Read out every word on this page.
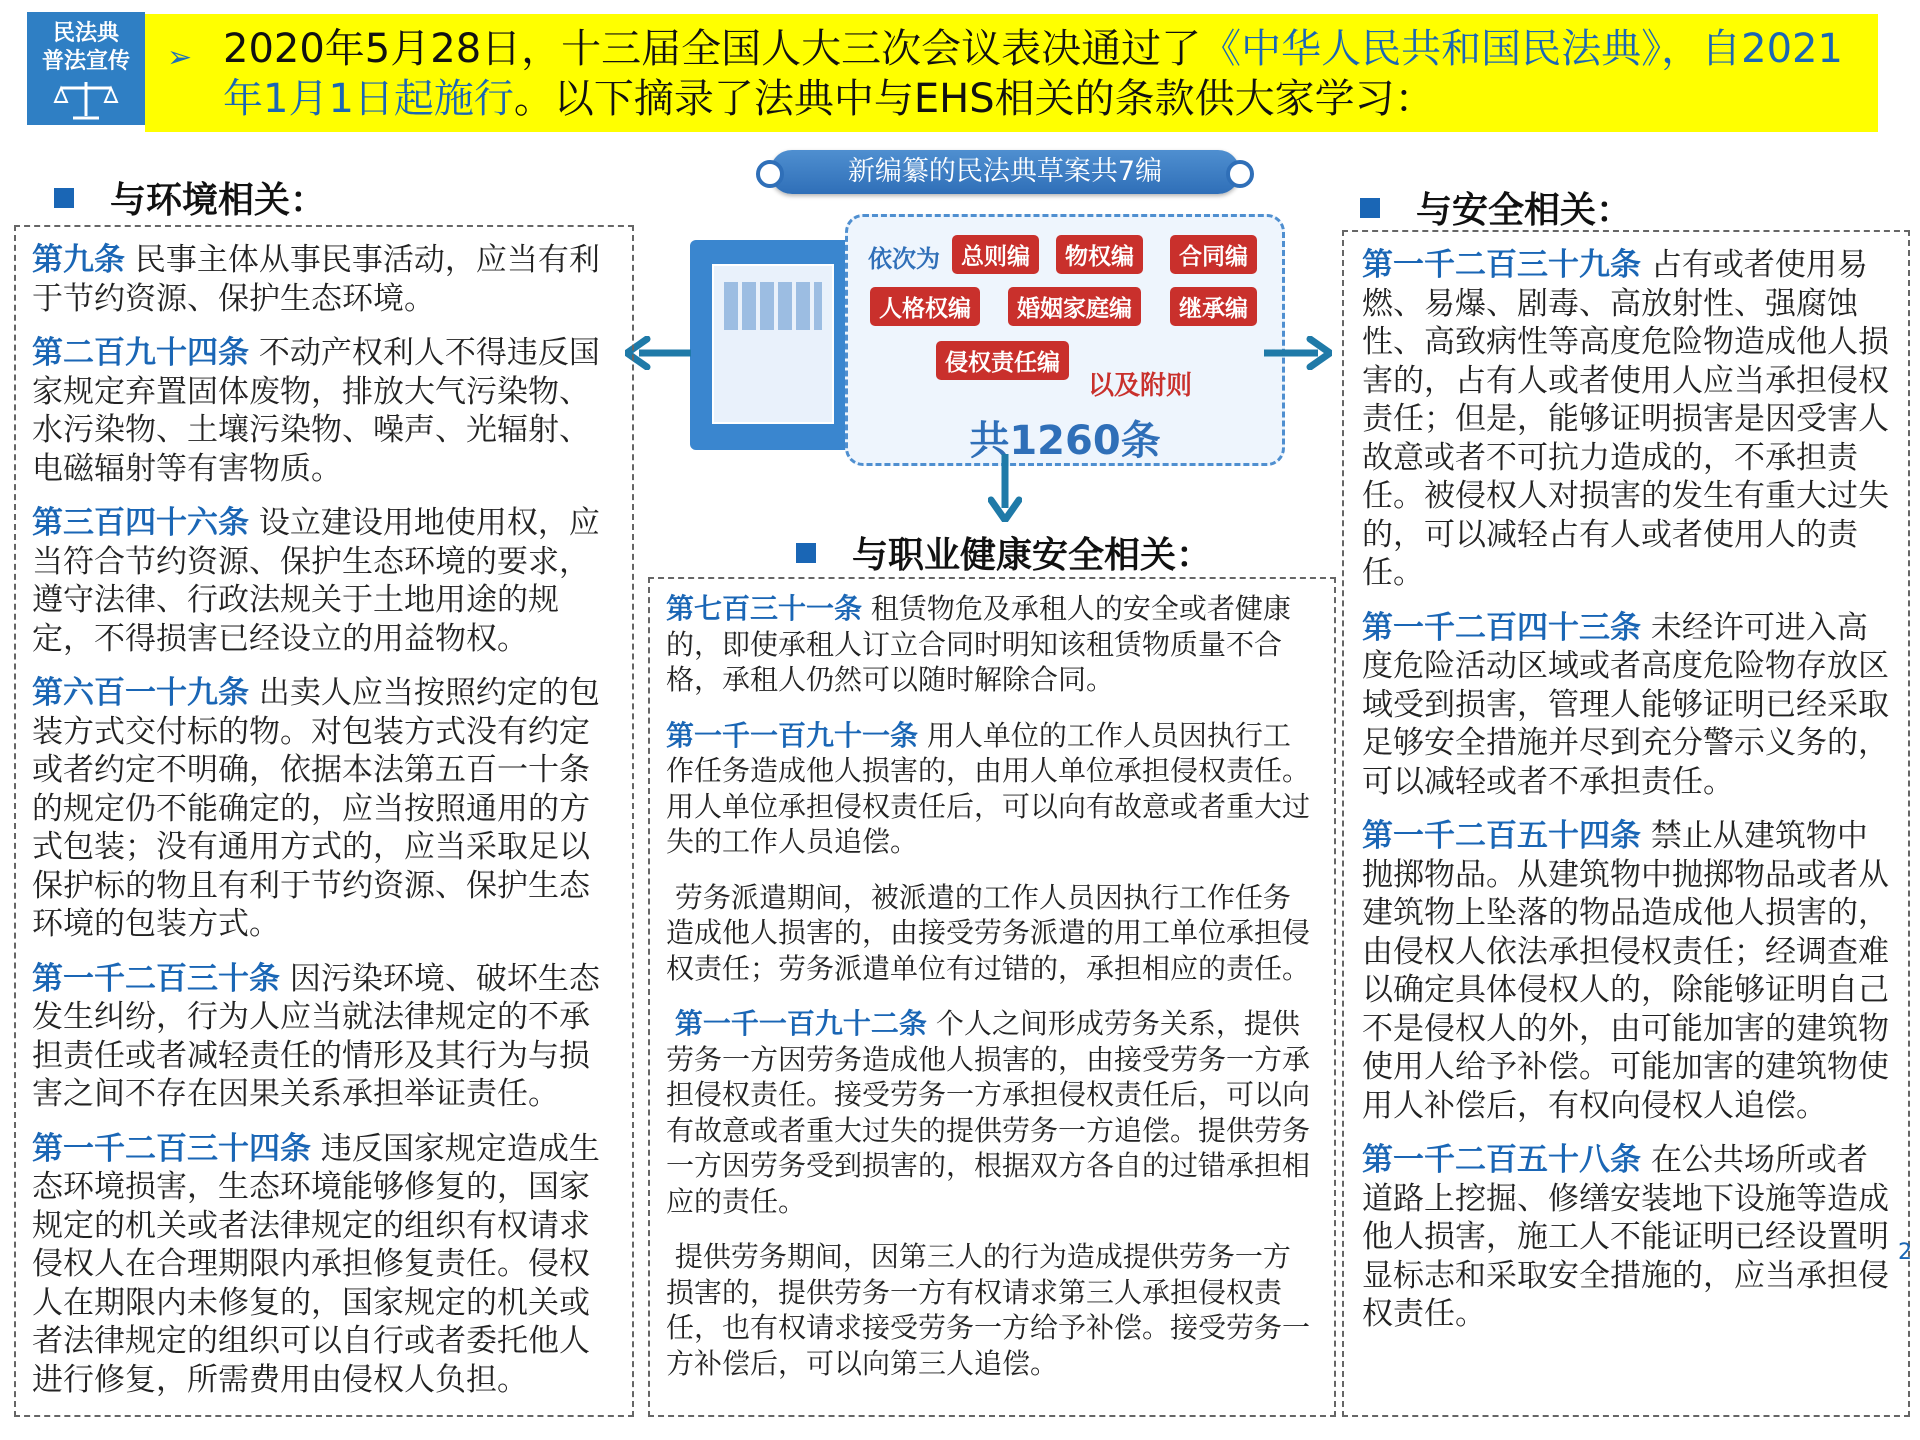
民法典
普法宣传	➢ 2020年5月28日，十三届全国人大三次会议表决通过了《中华人民共和国民法典》，自2021年1月1日起施行。以下摘录了法典中与EHS相关的条款供大家学习：
与环境相关：
与职业健康安全相关：
与安全相关：
新编纂的民法典草案共7编
依次为 总则编	物权编	合同编
人格权编	婚姻家庭编	继承编
侵权责任编
以及附则
共1260条

第九条 民事主体从事民事活动，应当有利于节约资源、保护生态环境。

第二百九十四条 不动产权利人不得违反国家规定弃置固体废物，排放大气污染物、水污染物、土壤污染物、噪声、光辐射、电磁辐射等有害物质。

第三百四十六条 设立建设用地使用权，应当符合节约资源、保护生态环境的要求，遵守法律、行政法规关于土地用途的规定，不得损害已经设立的用益物权。

第六百一十九条 出卖人应当按照约定的包装方式交付标的物。对包装方式没有约定或者约定不明确，依据本法第五百一十条的规定仍不能确定的，应当按照通用的方式包装；没有通用方式的，应当采取足以保护标的物且有利于节约资源、保护生态环境的包装方式。

第一千二百三十条 因污染环境、破坏生态发生纠纷，行为人应当就法律规定的不承担责任或者减轻责任的情形及其行为与损害之间不存在因果关系承担举证责任。

第一千二百三十四条 违反国家规定造成生态环境损害，生态环境能够修复的，国家规定的机关或者法律规定的组织有权请求侵权人在合理期限内承担修复责任。侵权人在期限内未修复的，国家规定的机关或者法律规定的组织可以自行或者委托他人进行修复，所需费用由侵权人负担。

第七百三十一条 租赁物危及承租人的安全或者健康的，即使承租人订立合同时明知该租赁物质量不合格，承租人仍然可以随时解除合同。

第一千一百九十一条 用人单位的工作人员因执行工作任务造成他人损害的，由用人单位承担侵权责任。用人单位承担侵权责任后，可以向有故意或者重大过失的工作人员追偿。

劳务派遣期间，被派遣的工作人员因执行工作任务造成他人损害的，由接受劳务派遣的用工单位承担侵权责任；劳务派遣单位有过错的，承担相应的责任。

第一千一百九十二条 个人之间形成劳务关系，提供劳务一方因劳务造成他人损害的，由接受劳务一方承担侵权责任。接受劳务一方承担侵权责任后，可以向有故意或者重大过失的提供劳务一方追偿。提供劳务一方因劳务受到损害的，根据双方各自的过错承担相应的责任。

提供劳务期间，因第三人的行为造成提供劳务一方损害的，提供劳务一方有权请求第三人承担侵权责任，也有权请求接受劳务一方给予补偿。接受劳务一方补偿后，可以向第三人追偿。

第一千二百三十九条 占有或者使用易燃、易爆、剧毒、高放射性、强腐蚀性、高致病性等高度危险物造成他人损害的，占有人或者使用人应当承担侵权责任；但是，能够证明损害是因受害人故意或者不可抗力造成的，不承担责任。被侵权人对损害的发生有重大过失的，可以减轻占有人或者使用人的责任。

第一千二百四十三条 未经许可进入高度危险活动区域或者高度危险物存放区域受到损害，管理人能够证明已经采取足够安全措施并尽到充分警示义务的，可以减轻或者不承担责任。

第一千二百五十四条 禁止从建筑物中抛掷物品。从建筑物中抛掷物品或者从建筑物上坠落的物品造成他人损害的，由侵权人依法承担侵权责任；经调查难以确定具体侵权人的，除能够证明自己不是侵权人的外，由可能加害的建筑物使用人给予补偿。可能加害的建筑物使用人补偿后，有权向侵权人追偿。

第一千二百五十八条 在公共场所或者道路上挖掘、修缮安装地下设施等造成他人损害，施工人不能证明已经设置明显标志和采取安全措施的，应当承担侵权责任。

2
